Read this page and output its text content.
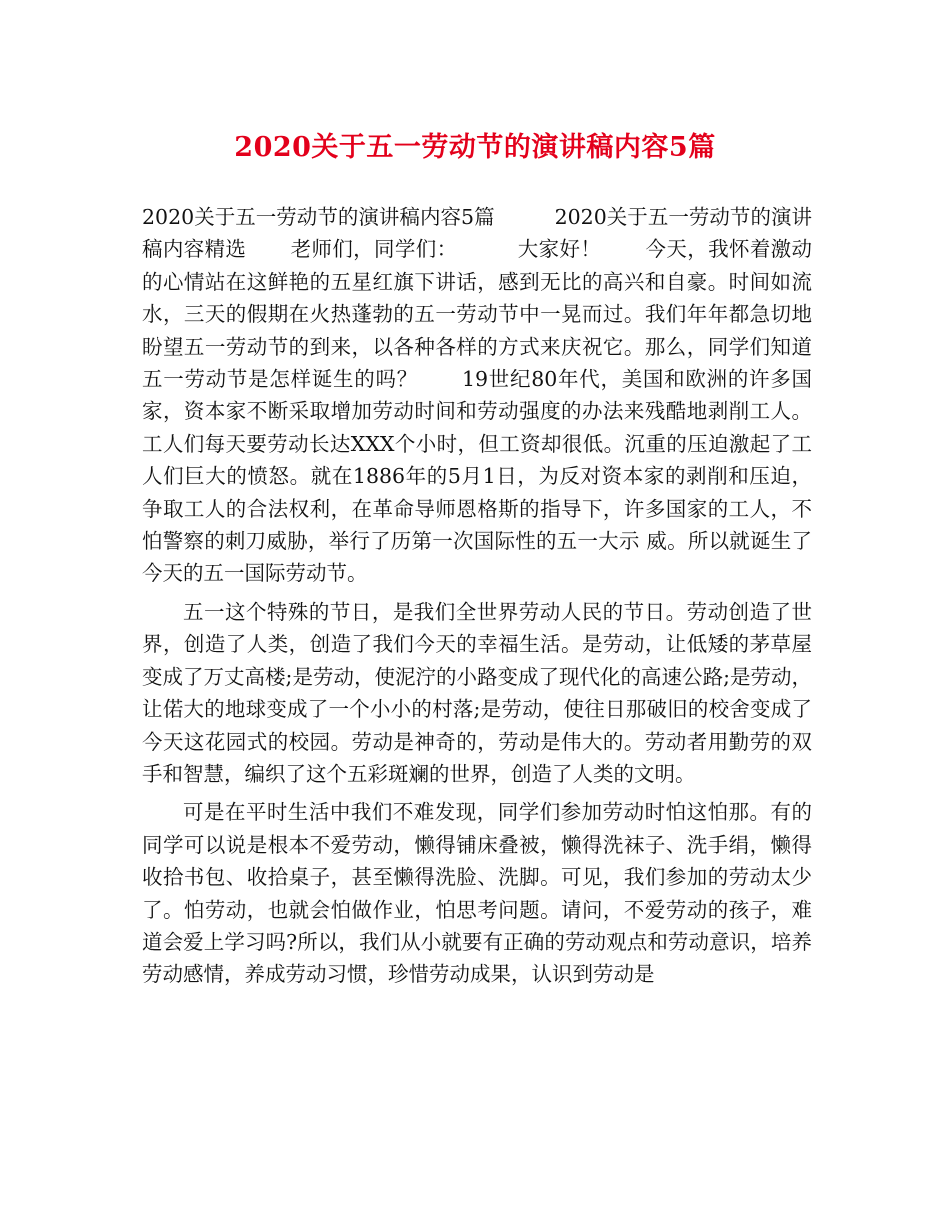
2020关于五一劳动节的演讲稿内容5篇

2020关于五一劳动节的演讲稿内容5篇	2020关于五一劳动节的演讲稿内容精选 老师们，同学们：	大家好！ 今天，我怀着激动的心情站在这鲜艳的五星红旗下讲话，感到无比的高兴和自豪。时间如流水，三天的假期在火热蓬勃的五一劳动节中一晃而过。我们年年都急切地盼望五一劳动节的到来，以各种各样的方式来庆祝它。那么，同学们知道五一劳动节是怎样诞生的吗？ 19世纪80年代，美国和欧洲的许多国家，资本家不断采取增加劳动时间和劳动强度的办法来残酷地剥削工人。工人们每天要劳动长达XXX个小时，但工资却很低。沉重的压迫激起了工人们巨大的愤怒。就在1886年的5月1日，为反对资本家的剥削和压迫，争取工人的合法权利，在革命导师恩格斯的指导下，许多国家的工人，不怕警察的刺刀威胁，举行了历第一次国际性的五一大示 威。所以就诞生了今天的五一国际劳动节。

五一这个特殊的节日，是我们全世界劳动人民的节日。劳动创造了世界，创造了人类，创造了我们今天的幸福生活。是劳动，让低矮的茅草屋变成了万丈高楼;是劳动，使泥泞的小路变成了现代化的高速公路;是劳动，让偌大的地球变成了一个小小的村落;是劳动，使往日那破旧的校舍变成了今天这花园式的校园。劳动是神奇的，劳动是伟大的。劳动者用勤劳的双手和智慧，编织了这个五彩斑斓的世界，创造了人类的文明。

可是在平时生活中我们不难发现，同学们参加劳动时怕这怕那。有的同学可以说是根本不爱劳动，懒得铺床叠被，懒得洗袜子、洗手绢，懒得收拾书包、收拾桌子，甚至懒得洗脸、洗脚。可见，我们参加的劳动太少了。怕劳动，也就会怕做作业，怕思考问题。请问，不爱劳动的孩子，难道会爱上学习吗?所以，我们从小就要有正确的劳动观点和劳动意识，培养劳动感情，养成劳动习惯，珍惜劳动成果，认识到劳动是
